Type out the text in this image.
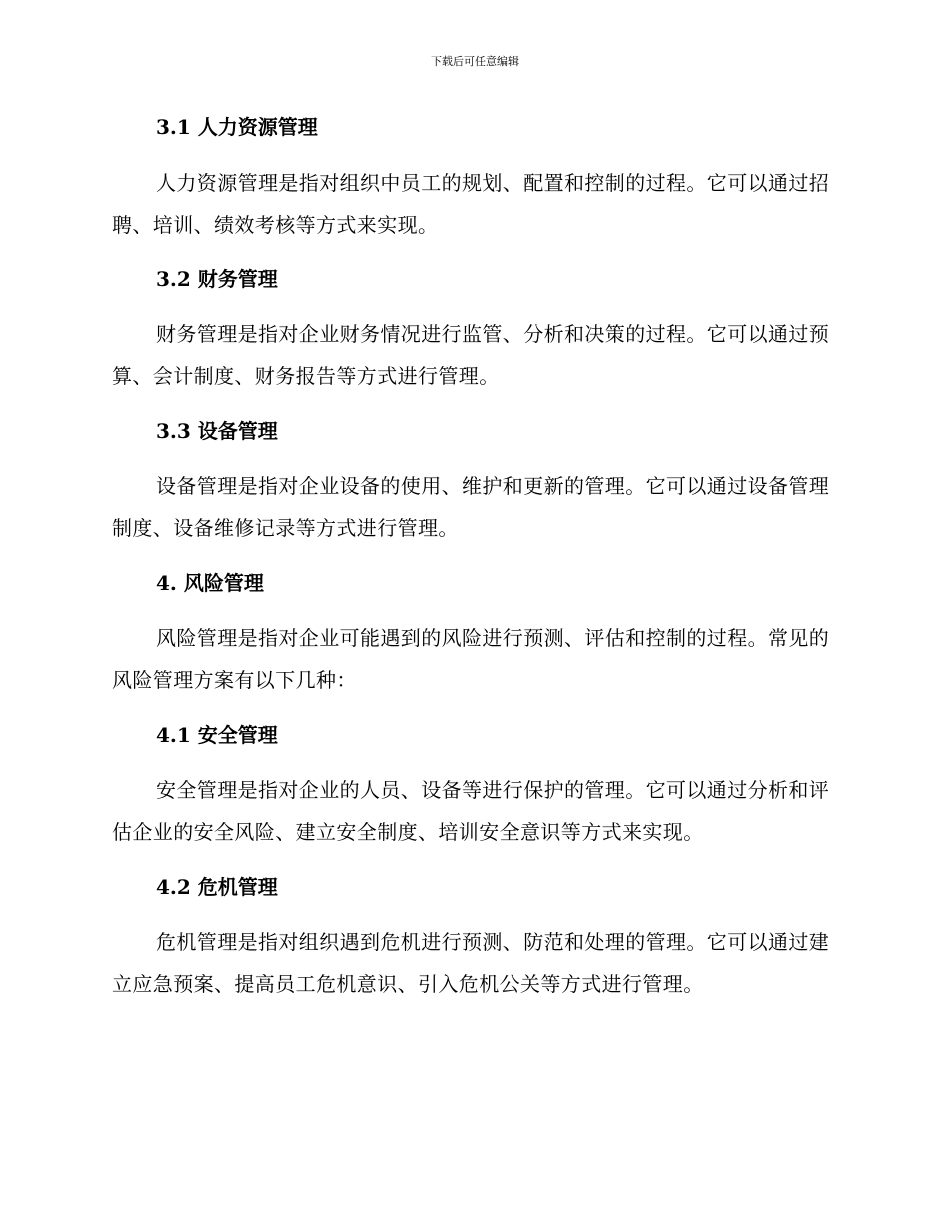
下载后可任意编辑
3.1 人力资源管理

人力资源管理是指对组织中员工的规划、配置和控制的过程。它可以通过招聘、培训、绩效考核等方式来实现。

3.2 财务管理

财务管理是指对企业财务情况进行监管、分析和决策的过程。它可以通过预算、会计制度、财务报告等方式进行管理。

3.3 设备管理

设备管理是指对企业设备的使用、维护和更新的管理。它可以通过设备管理制度、设备维修记录等方式进行管理。

4. 风险管理

风险管理是指对企业可能遇到的风险进行预测、评估和控制的过程。常见的风险管理方案有以下几种：

4.1 安全管理

安全管理是指对企业的人员、设备等进行保护的管理。它可以通过分析和评估企业的安全风险、建立安全制度、培训安全意识等方式来实现。

4.2 危机管理

危机管理是指对组织遇到危机进行预测、防范和处理的管理。它可以通过建立应急预案、提高员工危机意识、引入危机公关等方式进行管理。
